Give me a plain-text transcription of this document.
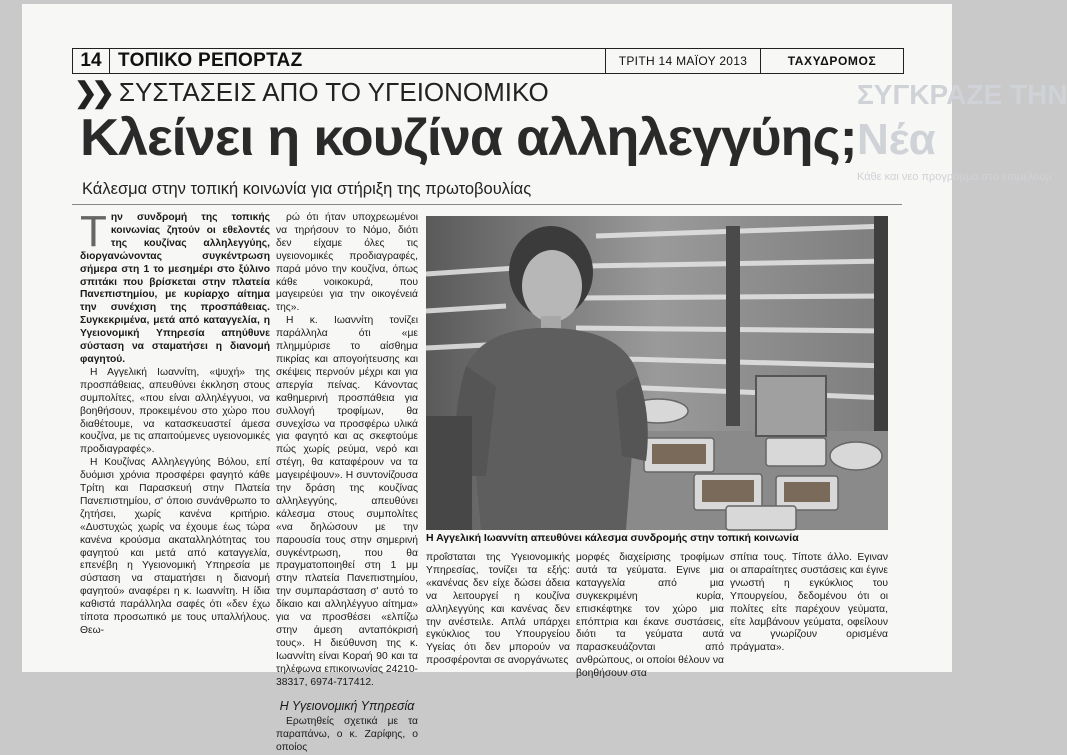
ΣΥΓΚΡΑΖΕ ΤΗΝ
Νέα
Κάθε και νεο προγραμμα στο επιμελουμ
14 ΤΟΠΙΚΟ ΡΕΠΟΡΤΑΖ	ΤΡΙΤΗ 14 ΜΑΪΟΥ 2013	ΤΑΧΥΔΡΟΜΟΣ
❯❯ ΣΥΣΤΑΣΕΙΣ ΑΠΟ ΤΟ ΥΓΕΙΟΝΟΜΙΚΟ
Κλείνει η κουζίνα αλληλεγγύης;
Κάλεσμα στην τοπική κοινωνία για στήριξη της πρωτοβουλίας
Τ ην συνδρομή της τοπικής κοινωνίας ζητούν οι εθελοντές της κουζίνας αλληλεγγύης, διοργανώνοντας συγκέντρωση σήμερα στη 1 το μεσημέρι στο ξύλινο σπιτάκι που βρίσκεται στην πλατεία Πανεπιστημίου, με κυρίαρχο αίτημα την συνέχιση της προσπάθειας. Συγκεκριμένα, μετά από καταγγελία, η Υγειονομική Υπηρεσία απηύθυνε σύσταση να σταματήσει η διανομή φαγητού.

Η Αγγελική Ιωαννίτη, «ψυχή» της προσπάθειας, απευθύνει έκκληση στους συμπολίτες, «που είναι αλληλέγγυοι, να βοηθήσουν, προκειμένου στο χώρο που διαθέτουμε, να κατασκευαστεί άμεσα κουζίνα, με τις απαιτούμενες υγειονομικές προδιαγραφές».

Η Κουζίνας Αλληλεγγύης Βόλου, επί δυόμισι χρόνια προσφέρει φαγητό κάθε Τρίτη και Παρασκευή στην Πλατεία Πανεπιστημίου, σ' όποιο συνάνθρωπο το ζητήσει, χωρίς κανένα κριτήριο. «Δυστυχώς χωρίς να έχουμε έως τώρα κανένα κρούσμα ακαταλληλότητας του φαγητού και μετά από καταγγελία, επενέβη η Υγειονομική Υπηρεσία με σύσταση να σταματήσει η διανομή φαγητού» αναφέρει η κ. Ιωαννίτη. Η ίδια καθιστά παράλληλα σαφές ότι «δεν έχω τίποτα προσωπικό με τους υπαλλήλους. Θεω-

ρώ ότι ήταν υποχρεωμένοι να τηρήσουν το Νόμο, διότι δεν είχαμε όλες τις υγειονομικές προδιαγραφές, παρά μόνο την κουζίνα, όπως κάθε νοικοκυρά, που μαγειρεύει για την οικογένειά της».

Η κ. Ιωαννίτη τονίζει παράλληλα ότι «με πλημμύρισε το αίσθημα πικρίας και απογοήτευσης και σκέψεις περνούν μέχρι και για απεργία πείνας. Κάνοντας καθημερινή προσπάθεια για συλλογή τροφίμων, θα συνεχίσω να προσφέρω υλικά για φαγητό και ας σκεφτούμε πώς χωρίς ρεύμα, νερό και στέγη, θα καταφέρουν να τα μαγειρέψουν». Η συντονίζουσα την δράση της κουζίνας αλληλεγγύης, απευθύνει κάλεσμα στους συμπολίτες «να δηλώσουν με την παρουσία τους στην σημερινή συγκέντρωση, που θα πραγματοποιηθεί στη 1 μμ στην πλατεία Πανεπιστημίου, την συμπαράσταση σ' αυτό το δίκαιο και αλληλέγγυο αίτημα» για να προσθέσει «ελπίζω στην άμεση ανταπόκρισή τους». Η διεύθυνση της κ. Ιωαννίτη είναι Κοραή 90 και τα τηλέφωνα επικοινωνίας 24210-38317, 6974-717412.

Η Υγειονομική Υπηρεσία

Ερωτηθείς σχετικά με τα παραπάνω, ο κ. Ζαρίφης, ο οποίος

Η Αγγελική Ιωαννίτη απευθύνει κάλεσμα συνδρομής στην τοπική κοινωνία

προΐσταται της Υγειονομικής Υπηρεσίας, τονίζει τα εξής: «κανένας δεν είχε δώσει άδεια να λειτουργεί η κουζίνα αλληλεγγύης και κανένας δεν την ανέστειλε. Απλά υπάρχει εγκύκλιος του Υπουργείου Υγείας ότι δεν μπορούν να προσφέρονται σε ανοργάνωτες

μορφές διαχείρισης τροφίμων αυτά τα γεύματα. Εγινε μια καταγγελία από μια συγκεκριμένη κυρία, επισκέφτηκε τον χώρο μια επόπτρια και έκανε συστάσεις, διότι τα γεύματα αυτά παρασκευάζονται από ανθρώπους, οι οποίοι θέλουν να βοηθήσουν στα

σπίτια τους. Τίποτε άλλο. Εγιναν οι απαραίτητες συστάσεις και έγινε γνωστή η εγκύκλιος του Υπουργείου, δεδομένου ότι οι πολίτες είτε παρέχουν γεύματα, είτε λαμβάνουν γεύματα, οφείλουν να γνωρίζουν ορισμένα πράγματα».
